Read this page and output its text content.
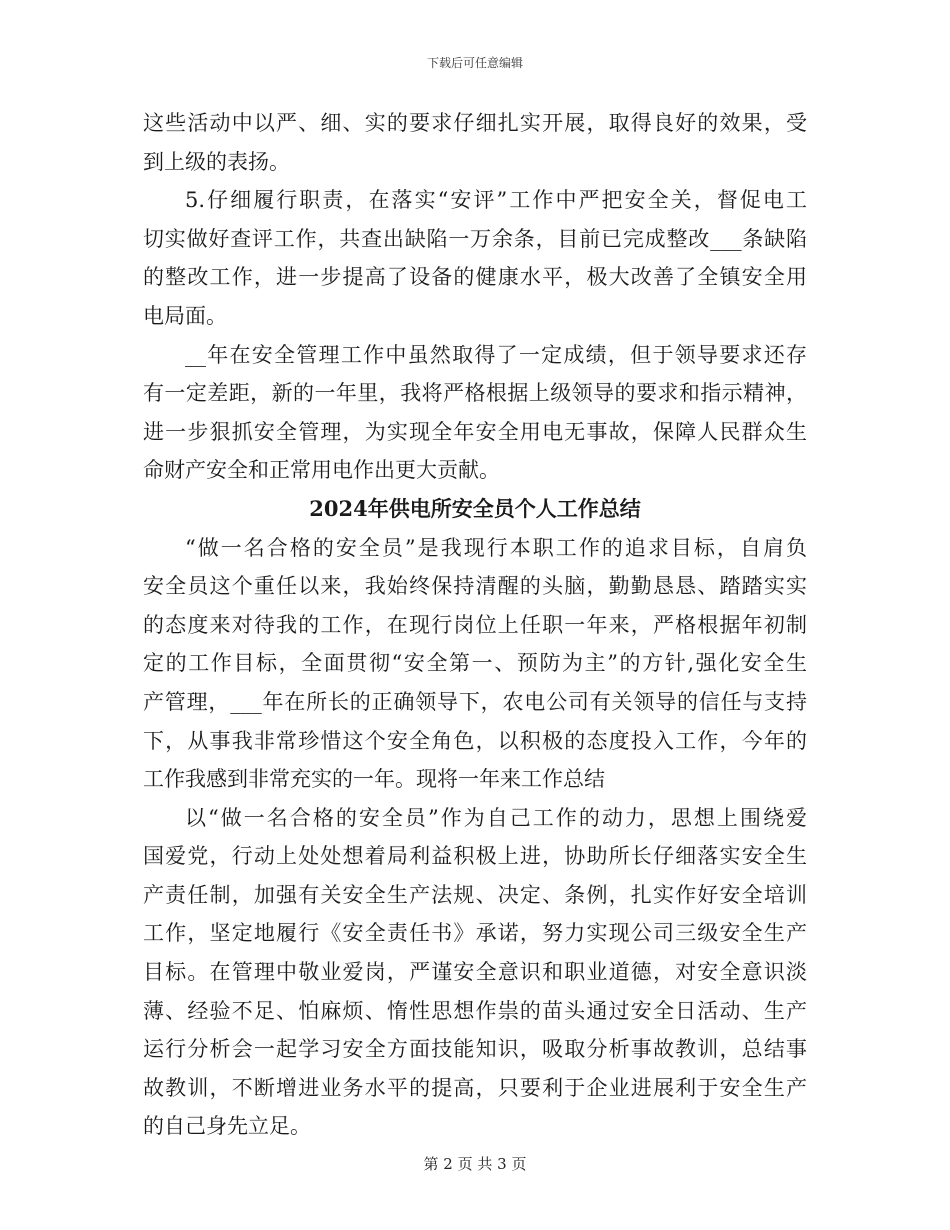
下载后可任意编辑
这些活动中以严、细、实的要求仔细扎实开展，取得良好的效果，受
到上级的表扬。
5.仔细履行职责，在落实“安评”工作中严把安全关，督促电工
切实做好查评工作，共查出缺陷一万余条，目前已完成整改___条缺陷
的整改工作，进一步提高了设备的健康水平，极大改善了全镇安全用
电局面。
__年在安全管理工作中虽然取得了一定成绩，但于领导要求还存
有一定差距，新的一年里，我将严格根据上级领导的要求和指示精神，
进一步狠抓安全管理，为实现全年安全用电无事故，保障人民群众生
命财产安全和正常用电作出更大贡献。
2024年供电所安全员个人工作总结
“做一名合格的安全员”是我现行本职工作的追求目标，自肩负
安全员这个重任以来，我始终保持清醒的头脑，勤勤恳恳、踏踏实实
的态度来对待我的工作，在现行岗位上任职一年来，严格根据年初制
定的工作目标，全面贯彻“安全第一、预防为主”的方针,强化安全生
产管理，___年在所长的正确领导下，农电公司有关领导的信任与支持
下，从事我非常珍惜这个安全角色，以积极的态度投入工作，今年的
工作我感到非常充实的一年。现将一年来工作总结
以“做一名合格的安全员”作为自己工作的动力，思想上围绕爱
国爱党，行动上处处想着局利益积极上进，协助所长仔细落实安全生
产责任制，加强有关安全生产法规、决定、条例，扎实作好安全培训
工作，坚定地履行《安全责任书》承诺，努力实现公司三级安全生产
目标。在管理中敬业爱岗，严谨安全意识和职业道德，对安全意识淡
薄、经验不足、怕麻烦、惰性思想作祟的苗头通过安全日活动、生产
运行分析会一起学习安全方面技能知识，吸取分析事故教训，总结事
故教训，不断增进业务水平的提高，只要利于企业进展利于安全生产
的自己身先立足。
第 2 页 共 3 页
